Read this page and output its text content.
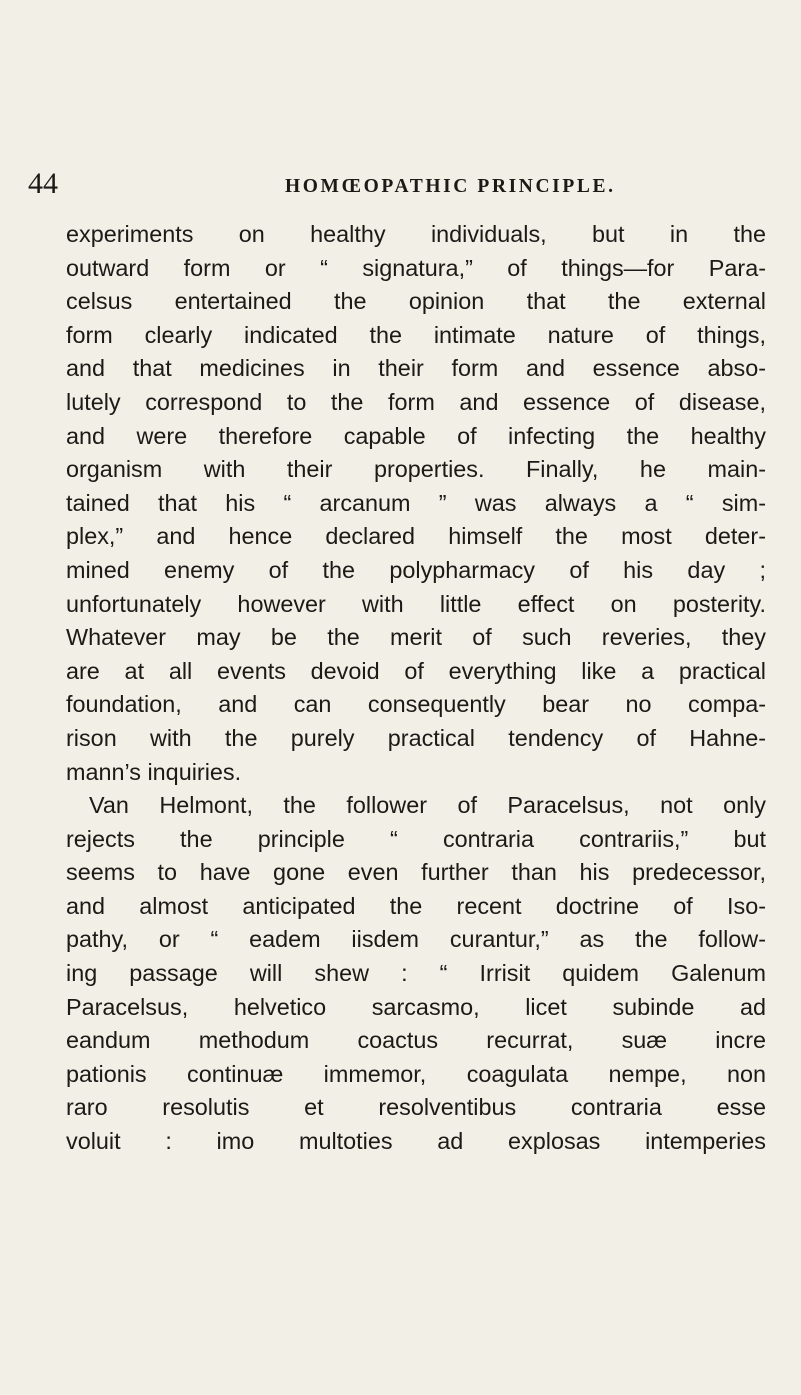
44	HOMŒOPATHIC PRINCIPLE.
experiments on healthy individuals, but in the
outward form or “ signatura,” of things—for Para-
celsus entertained the opinion that the external
form clearly indicated the intimate nature of things,
and that medicines in their form and essence abso-
lutely correspond to the form and essence of disease,
and were therefore capable of infecting the healthy
organism with their properties. Finally, he main-
tained that his “ arcanum ” was always a “ sim-
plex,” and hence declared himself the most deter-
mined enemy of the polypharmacy of his day ;
unfortunately however with little effect on posterity.
Whatever may be the merit of such reveries, they
are at all events devoid of everything like a practical
foundation, and can consequently bear no compa-
rison with the purely practical tendency of Hahne-
mann’s inquiries.
Van Helmont, the follower of Paracelsus, not only
rejects the principle “ contraria contrariis,” but
seems to have gone even further than his predecessor,
and almost anticipated the recent doctrine of Iso-
pathy, or “ eadem iisdem curantur,” as the follow-
ing passage will shew : “ Irrisit quidem Galenum
Paracelsus, helvetico sarcasmo, licet subinde ad
eandum methodum coactus recurrat, suæ incre
pationis continuæ immemor, coagulata nempe, non
raro resolutis et resolventibus contraria esse
voluit : imo multoties ad explosas intemperies
